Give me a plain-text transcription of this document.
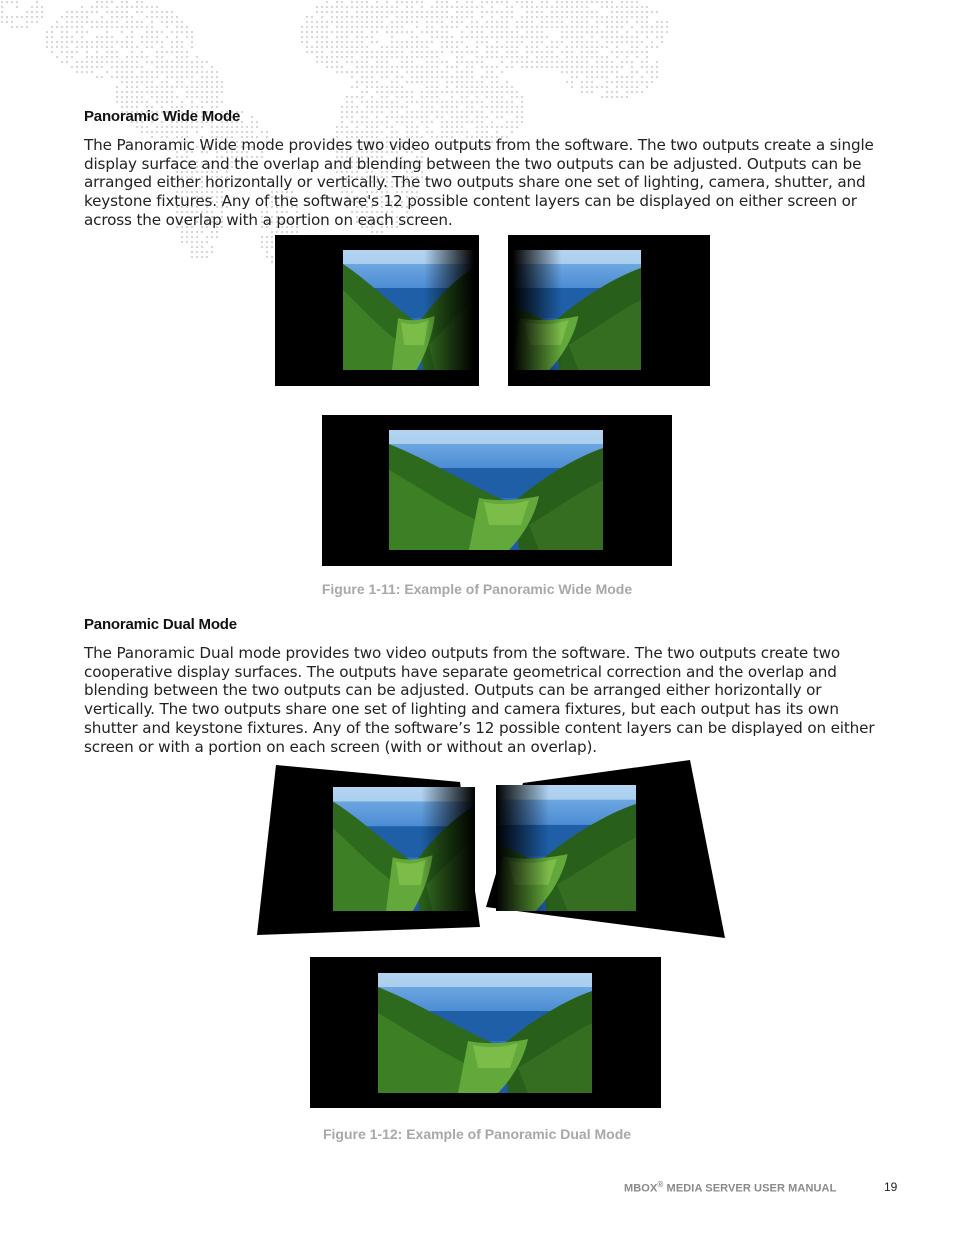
Panoramic Wide Mode
The Panoramic Wide mode provides two video outputs from the software. The two outputs create a single display surface and the overlap and blending between the two outputs can be adjusted. Outputs can be arranged either horizontally or vertically. The two outputs share one set of lighting, camera, shutter, and keystone fixtures. Any of the software's 12 possible content layers can be displayed on either screen or across the overlap with a portion on each screen.
Figure 1-11: Example of Panoramic Wide Mode
Panoramic Dual Mode
The Panoramic Dual mode provides two video outputs from the software. The two outputs create two cooperative display surfaces. The outputs have separate geometrical correction and the overlap and blending between the two outputs can be adjusted. Outputs can be arranged either horizontally or vertically. The two outputs share one set of lighting and camera fixtures, but each output has its own shutter and keystone fixtures. Any of the software’s 12 possible content layers can be displayed on either screen or with a portion on each screen (with or without an overlap).
Figure 1-12: Example of Panoramic Dual Mode
MBOX® MEDIA SERVER USER MANUAL	19
